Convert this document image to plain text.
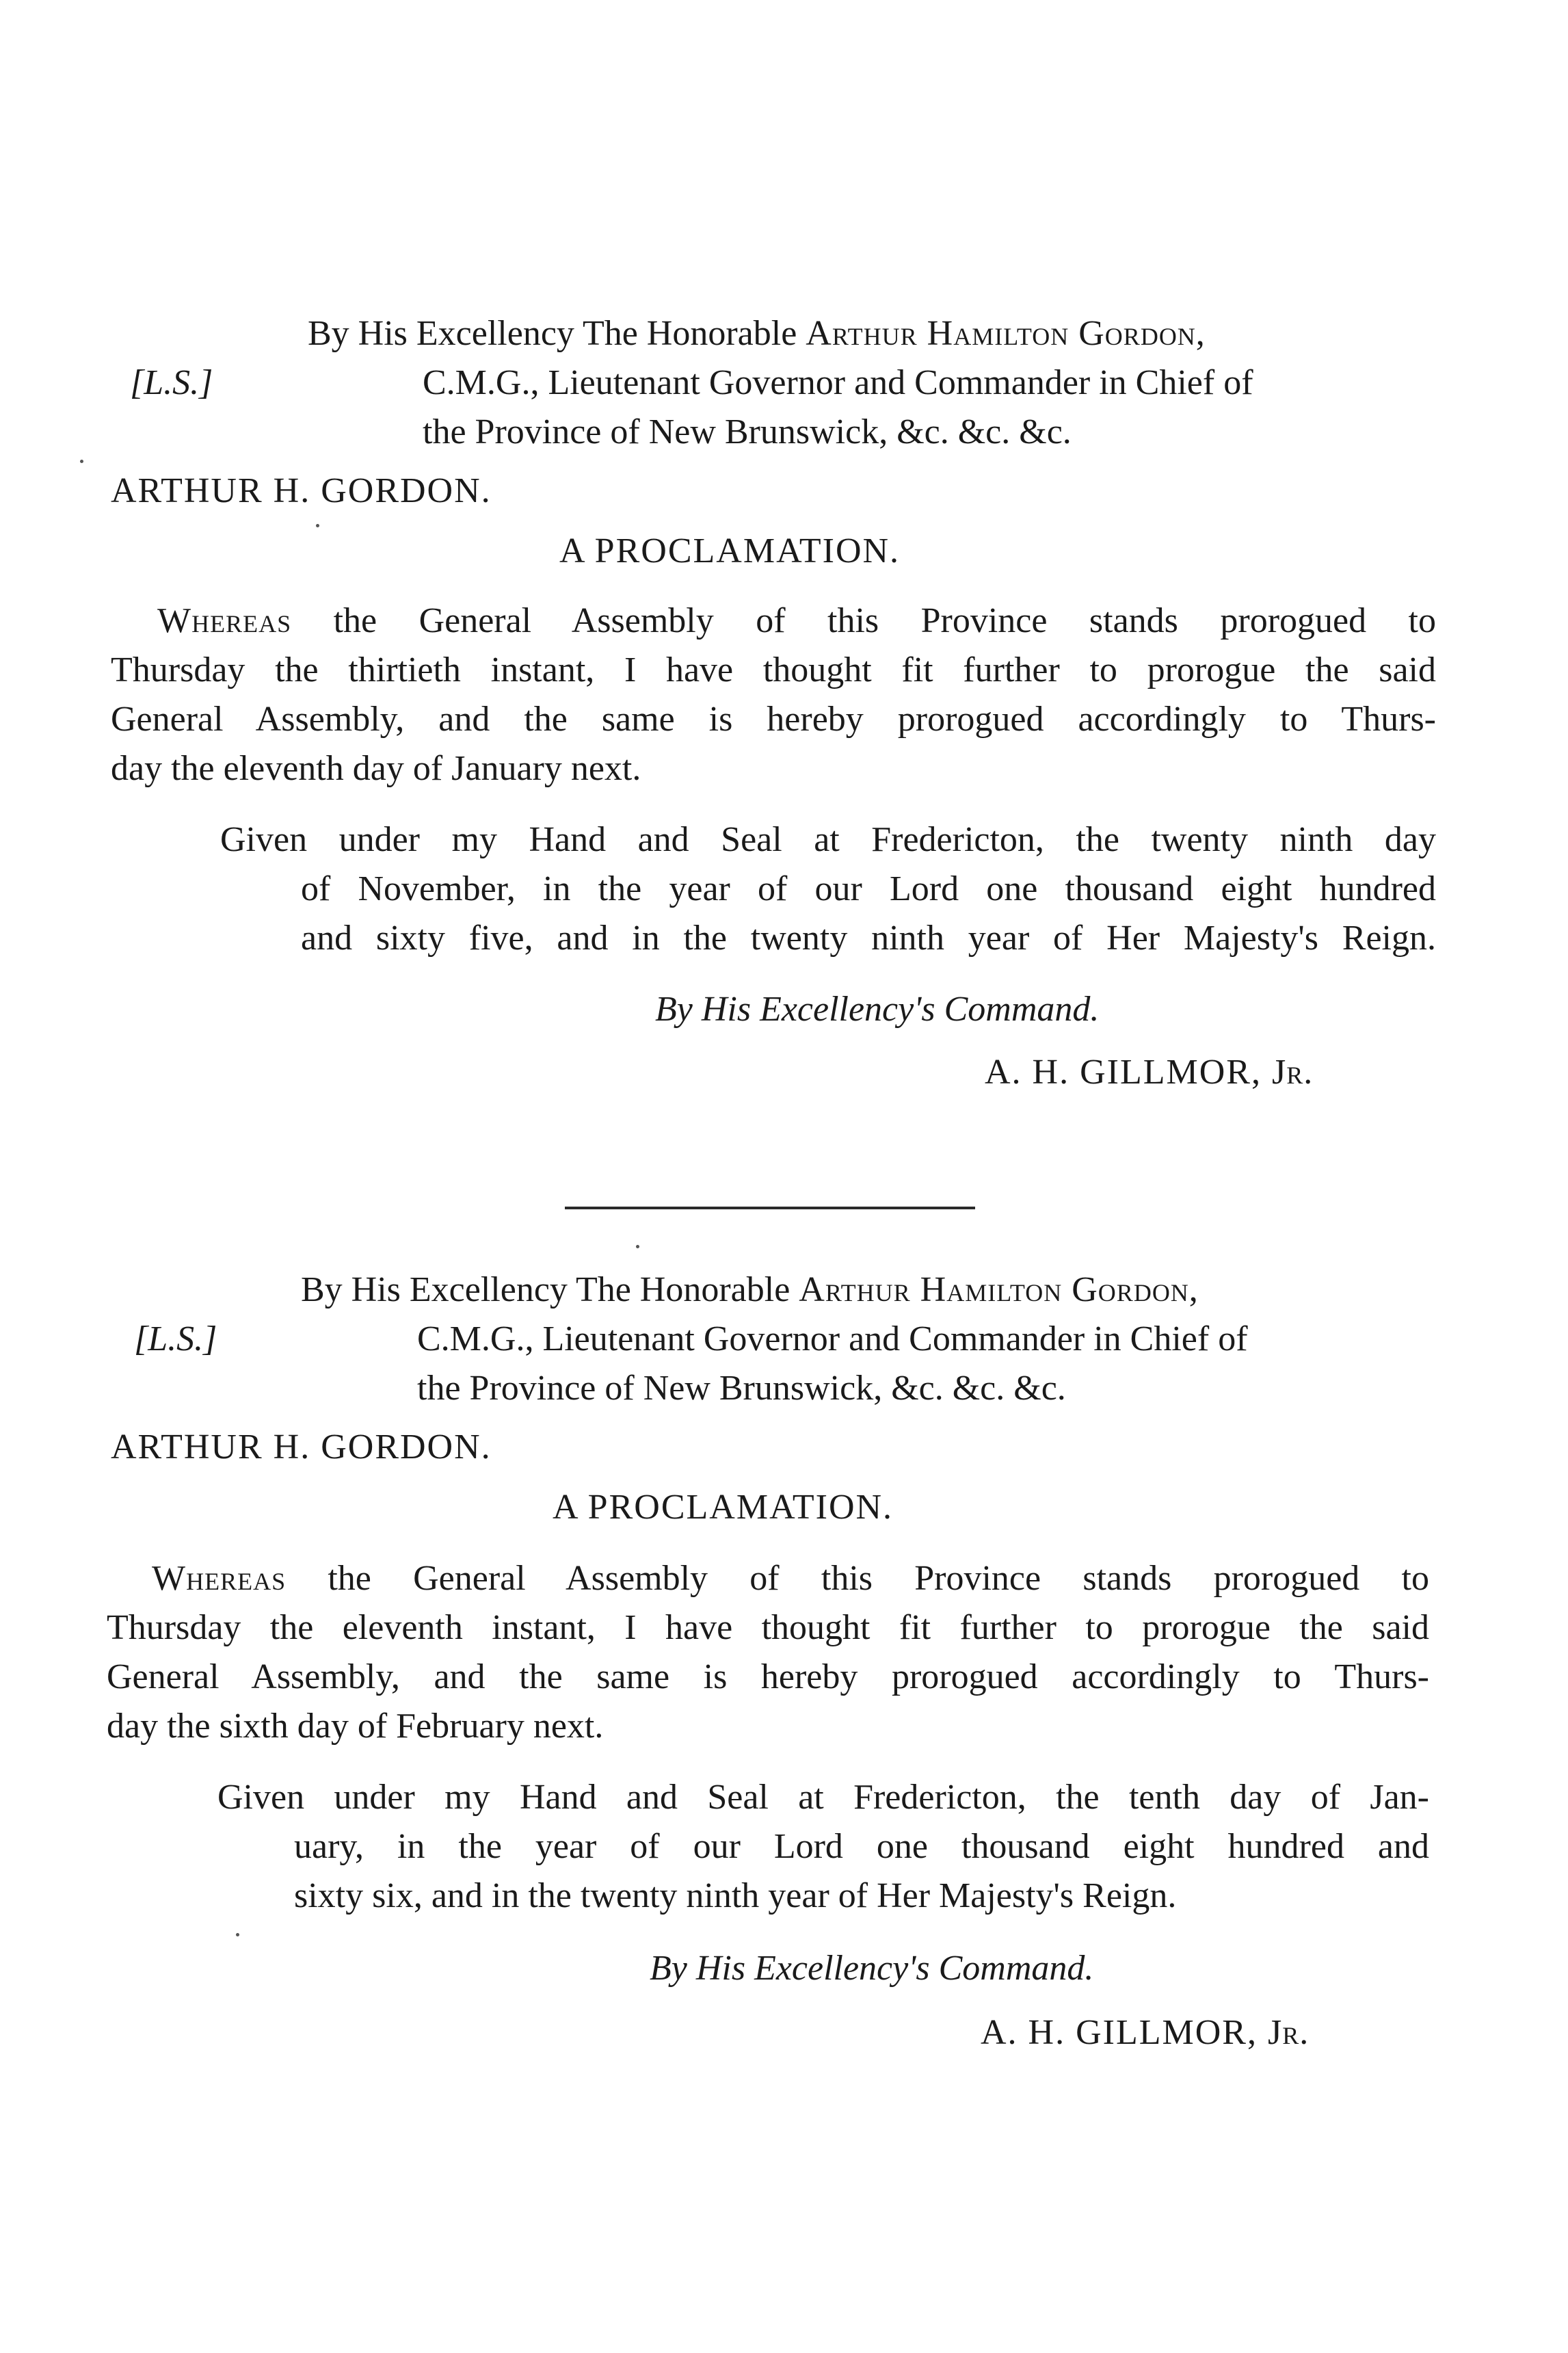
By His Excellency The Honorable Arthur Hamilton Gordon,
[L.S.]	C.M.G., Lieutenant Governor and Commander in Chief of
the Province of New Brunswick, &c. &c. &c.
ARTHUR H. GORDON.
A PROCLAMATION.
Whereas the General Assembly of this Province stands prorogued to
Thursday the thirtieth instant, I have thought fit further to prorogue the said
General Assembly, and the same is hereby prorogued accordingly to Thurs-
day the eleventh day of January next.
Given under my Hand and Seal at Fredericton, the twenty ninth day
of November, in the year of our Lord one thousand eight hundred
and sixty five, and in the twenty ninth year of Her Majesty's Reign.
By His Excellency's Command.
A. H. GILLMOR, Jr.
By His Excellency The Honorable Arthur Hamilton Gordon,
[L.S.]	C.M.G., Lieutenant Governor and Commander in Chief of
the Province of New Brunswick, &c. &c. &c.
ARTHUR H. GORDON.
A PROCLAMATION.
Whereas the General Assembly of this Province stands prorogued to
Thursday the eleventh instant, I have thought fit further to prorogue the said
General Assembly, and the same is hereby prorogued accordingly to Thurs-
day the sixth day of February next.
Given under my Hand and Seal at Fredericton, the tenth day of Jan-
uary, in the year of our Lord one thousand eight hundred and
sixty six, and in the twenty ninth year of Her Majesty's Reign.
By His Excellency's Command.
A. H. GILLMOR, Jr.
